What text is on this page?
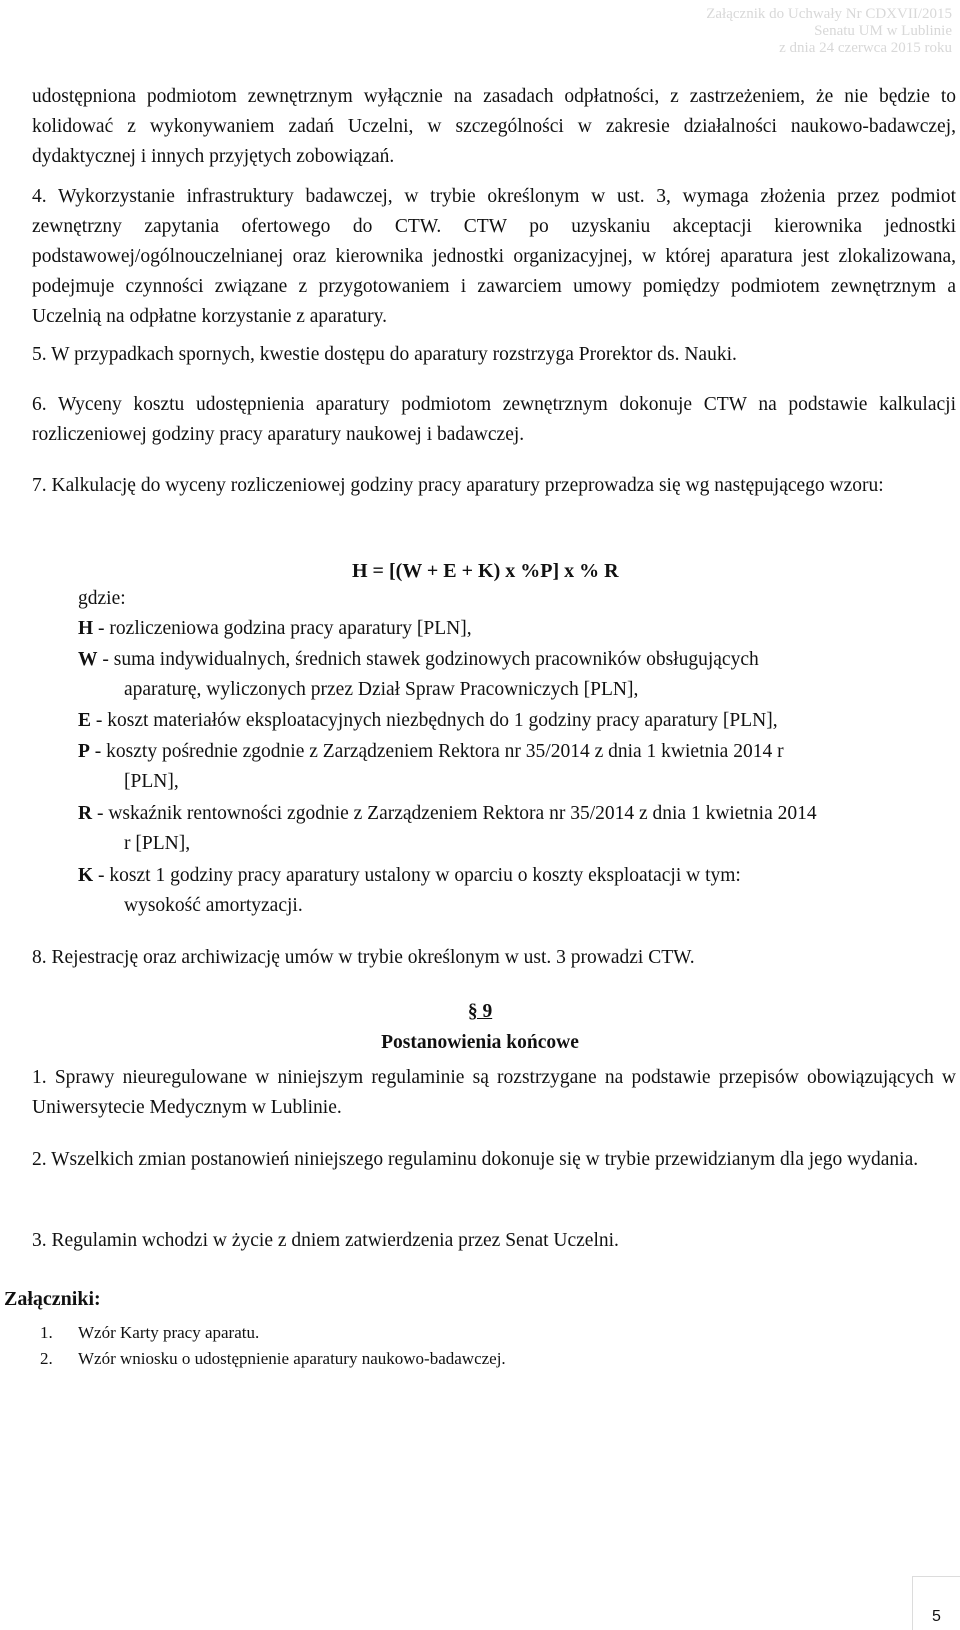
Załącznik do Uchwały Nr CDXVII/2015
Senatu UM w Lublinie
z dnia 24 czerwca 2015 roku

udostępniona podmiotom zewnętrznym wyłącznie na zasadach odpłatności, z zastrzeżeniem, że nie będzie to kolidować z wykonywaniem zadań Uczelni, w szczególności w zakresie działalności naukowo-badawczej, dydaktycznej i innych przyjętych zobowiązań.

4. Wykorzystanie infrastruktury badawczej, w trybie określonym w ust. 3, wymaga złożenia przez podmiot zewnętrzny zapytania ofertowego do CTW. CTW po uzyskaniu akceptacji kierownika jednostki podstawowej/ogólnouczelnianej oraz kierownika jednostki organizacyjnej, w której aparatura jest zlokalizowana, podejmuje czynności związane z przygotowaniem i zawarciem umowy pomiędzy podmiotem zewnętrznym a Uczelnią na odpłatne korzystanie z aparatury.

5. W przypadkach spornych, kwestie dostępu do aparatury rozstrzyga Prorektor ds. Nauki.

6. Wyceny kosztu udostępnienia aparatury podmiotom zewnętrznym dokonuje CTW na podstawie kalkulacji rozliczeniowej godziny pracy aparatury naukowej i badawczej.

7. Kalkulację do wyceny rozliczeniowej godziny pracy aparatury przeprowadza się wg następującego wzoru:

H = [(W + E + K) x %P] x % R

gdzie:

H - rozliczeniowa godzina pracy aparatury [PLN],

W - suma indywidualnych, średnich stawek godzinowych pracowników obsługujących
aparaturę, wyliczonych przez Dział Spraw Pracowniczych [PLN],

E - koszt materiałów eksploatacyjnych niezbędnych do 1 godziny pracy aparatury [PLN],

P - koszty pośrednie zgodnie z Zarządzeniem Rektora nr 35/2014 z dnia 1 kwietnia 2014 r
[PLN],

R - wskaźnik rentowności zgodnie z Zarządzeniem Rektora nr 35/2014 z dnia 1 kwietnia 2014
r [PLN],

K - koszt 1 godziny pracy aparatury ustalony w oparciu o koszty eksploatacji w tym:
wysokość amortyzacji.

8. Rejestrację oraz archiwizację umów w trybie określonym w ust. 3 prowadzi CTW.

§ 9

Postanowienia końcowe

1. Sprawy nieuregulowane w niniejszym regulaminie są rozstrzygane na podstawie przepisów obowiązujących w Uniwersytecie Medycznym w Lublinie.

2. Wszelkich zmian postanowień niniejszego regulaminu dokonuje się w trybie przewidzianym dla jego wydania.

3. Regulamin wchodzi w życie z dniem zatwierdzenia przez Senat Uczelni.

Załączniki:

1. Wzór Karty pracy aparatu.
2. Wzór wniosku o udostępnienie aparatury naukowo-badawczej.
5
